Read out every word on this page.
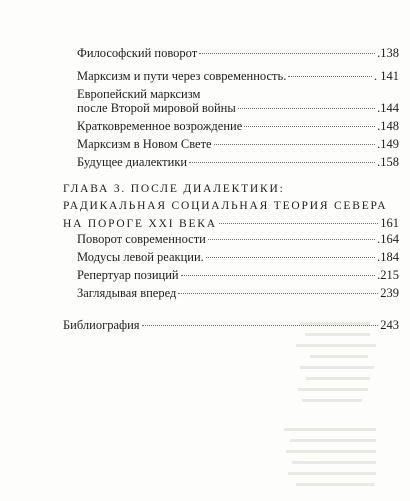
Философский поворот	.138
Марксизм и пути через современность.	. 141
Европейский марксизм
после Второй мировой войны	.144
Кратковременное возрождение	.148
Марксизм в Новом Свете	.149
Будущее диалектики	.158
ГЛАВА 3. ПОСЛЕ ДИАЛЕКТИКИ:
РАДИКАЛЬНАЯ СОЦИАЛЬНАЯ ТЕОРИЯ СЕВЕРА
НА ПОРОГЕ XXI ВЕКА	161
Поворот современности	.164
Модусы левой реакции.	.184
Репертуар позиций	.215
Заглядывая вперед	239
Библиография	243
